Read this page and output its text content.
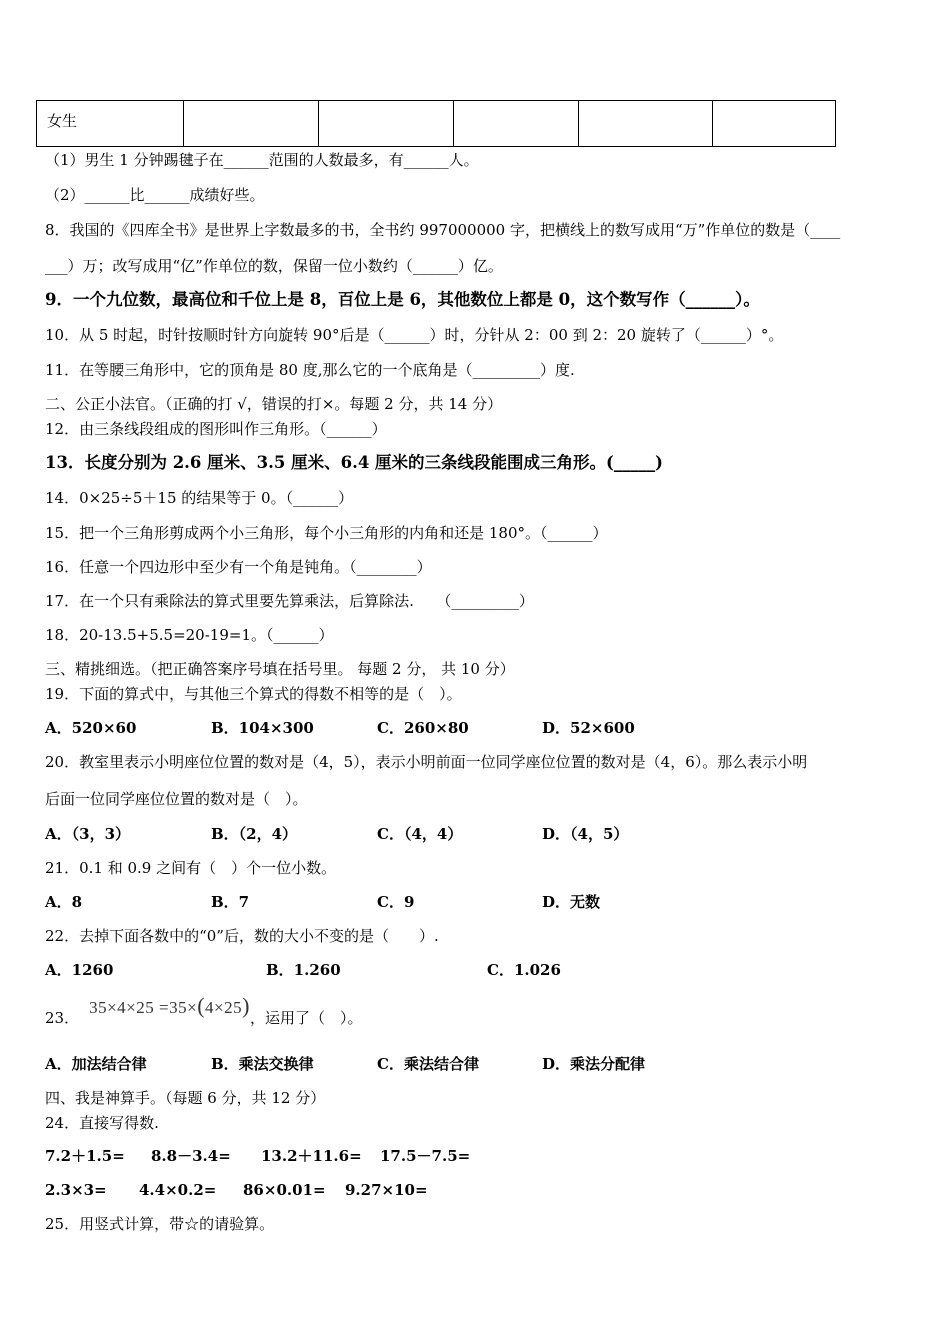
女生

（1）男生 1 分钟踢毽子在______范围的人数最多，有______人。
（2）______比______成绩好些。
8．我国的《四库全书》是世界上字数最多的书，全书约 997000000 字，把横线上的数写成用“万”作单位的数是（____
___）万；改写成用“亿”作单位的数，保留一位小数约（______）亿。
9．一个九位数，最高位和千位上是 8，百位上是 6，其他数位上都是 0，这个数写作（______）。
10．从 5 时起，时针按顺时针方向旋转 90°后是（______）时，分针从 2：00 到 2：20 旋转了（______）°。
11．在等腰三角形中，它的顶角是 80 度,那么它的一个底角是（_________）度.
二、公正小法官。（正确的打 √，错误的打×。每题 2 分，共 14 分）
12．由三条线段组成的图形叫作三角形。（______）
13．长度分别为 2.6 厘米、3.5 厘米、6.4 厘米的三条线段能围成三角形。(_____)
14．0×25÷5＋15 的结果等于 0。（______）
15．把一个三角形剪成两个小三角形，每个小三角形的内角和还是 180°。（______）
16．任意一个四边形中至少有一个角是钝角。（________）
17．在一个只有乘除法的算式里要先算乘法，后算除法.　　（_________）
18．20-13.5+5.5=20-19=1。（______）
三、精挑细选。（把正确答案序号填在括号里。 每题 2 分， 共 10 分）
19．下面的算式中，与其他三个算式的得数不相等的是（　）。
A．520×60	B．104×300	C．260×80	D．52×600
20．教室里表示小明座位位置的数对是（4，5），表示小明前面一位同学座位位置的数对是（4，6）。那么表示小明
后面一位同学座位位置的数对是（　）。
A．（3，3）	B．（2，4）	C．（4，4）	D．（4，5）
21．0.1 和 0.9 之间有（　）个一位小数。
A．8	B．7	C．9	D．无数
22．去掉下面各数中的“0”后，数的大小不变的是（　　）.
A．1260	B．1.260	C．1.026
23．35×4×25 =35×(4×25)，运用了（　）。
A．加法结合律	B．乘法交换律	C．乘法结合律	D．乘法分配律
四、我是神算手。（每题 6 分，共 12 分）
24．直接写得数.
7.2＋1.5= 8.8－3.4= 13.2＋11.6= 17.5－7.5=
2.3×3= 4.4×0.2= 86×0.01= 9.27×10=
25．用竖式计算，带☆的请验算。
